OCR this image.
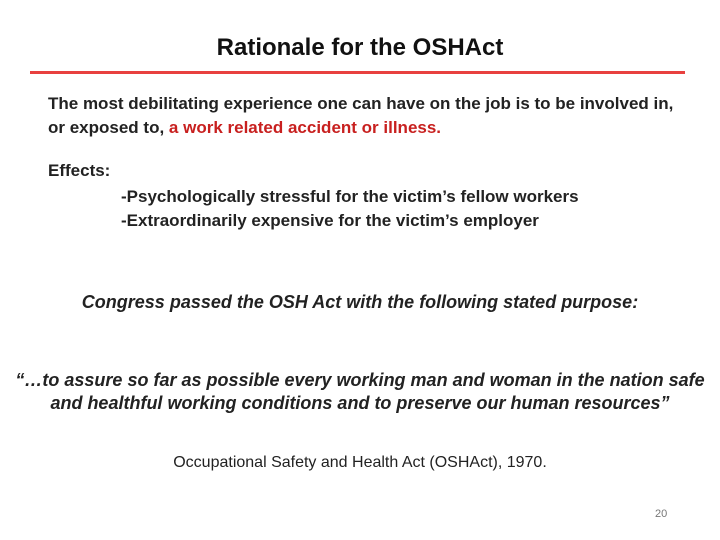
Rationale for the OSHAct
The most debilitating experience one can have on the job is to be involved in, or exposed to, a work related accident or illness.
Effects:
-Psychologically stressful for the victim’s fellow workers
-Extraordinarily expensive for the victim’s employer
Congress passed the OSH Act with the following stated purpose:
“…to assure so far as possible every working man and woman in the nation safe and healthful working conditions and to preserve our human resources”
Occupational Safety and Health Act (OSHAct), 1970.
20
